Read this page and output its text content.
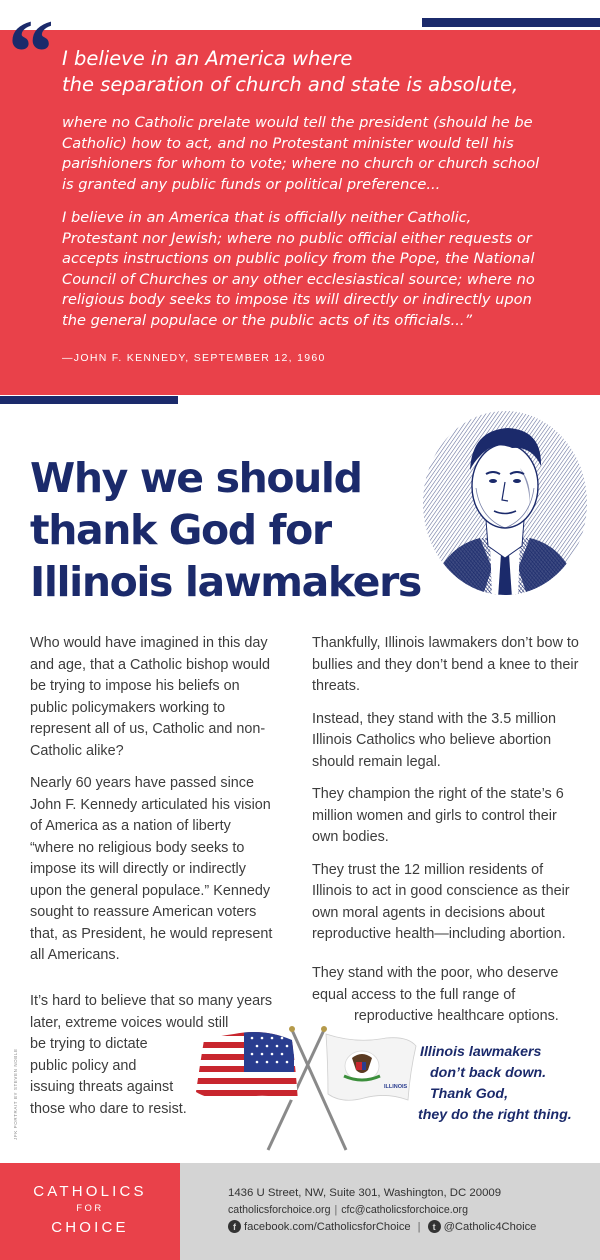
“ I believe in an America where
the separation of church and state is absolute,
where no Catholic prelate would tell the president (should he be
Catholic) how to act, and no Protestant minister would tell his
parishioners for whom to vote; where no church or church school
is granted any public funds or political preference...
I believe in an America that is officially neither Catholic,
Protestant nor Jewish; where no public official either requests or
accepts instructions on public policy from the Pope, the National
Council of Churches or any other ecclesiastical source; where no
religious body seeks to impose its will directly or indirectly upon
the general populace or the public acts of its officials...”
—JOHN F. KENNEDY, SEPTEMBER 12, 1960
Why we should
thank God for
Illinois lawmakers

Who would have imagined in this day and age, that a Catholic bishop would be trying to impose his beliefs on public policymakers working to represent all of us, Catholic and non-Catholic alike?

Nearly 60 years have passed since John F. Kennedy articulated his vision of America as a nation of liberty “where no religious body seeks to impose its will directly or indirectly upon the general populace.” Kennedy sought to reassure American voters that, as President, he would represent all Americans.

It’s hard to believe that so many years
later, extreme voices would still
be trying to dictate
public policy and
issuing threats against
those who dare to resist.

Thankfully, Illinois lawmakers don’t bow to bullies and they don’t bend a knee to their threats.

Instead, they stand with the 3.5 million Illinois Catholics who believe abortion should remain legal.

They champion the right of the state’s 6 million women and girls to control their own bodies.

They trust the 12 million residents of Illinois to act in good conscience as their own moral agents in decisions about reproductive health—including abortion.

They stand with the poor, who deserve
equal access to the full range of
reproductive healthcare options.
JFK PORTRAIT BY STEVEN NOBLE	ILLINOIS
Illinois lawmakers
don’t back down.
Thank God,
they do the right thing.
CATHOLICS
FOR
CHOICE
1436 U Street, NW, Suite 301, Washington, DC 20009
catholicsforchoice.org | cfc@catholicsforchoice.org
f facebook.com/CatholicsforChoice |	t @Catholic4Choice
